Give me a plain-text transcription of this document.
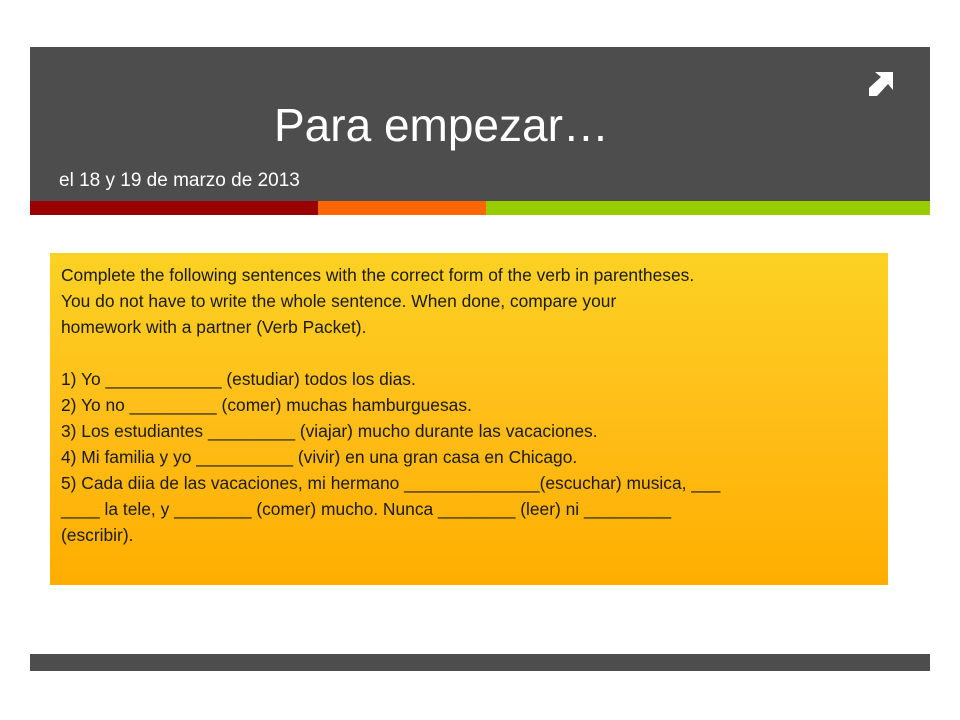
Para empezar…
el 18 y 19 de marzo de 2013

Complete the following sentences with the correct form of the verb in parentheses.

You do not have to write the whole sentence. When done, compare your

homework with a partner (Verb Packet).

1) Yo ____________ (estudiar) todos los dias.

2) Yo no _________ (comer) muchas hamburguesas.

3) Los estudiantes _________ (viajar) mucho durante las vacaciones.

4) Mi familia y yo __________ (vivir) en una gran casa en Chicago.

5) Cada diia de las vacaciones, mi hermano ______________(escuchar) musica, ___

____ la tele, y ________ (comer) mucho. Nunca ________ (leer) ni _________

(escribir).
